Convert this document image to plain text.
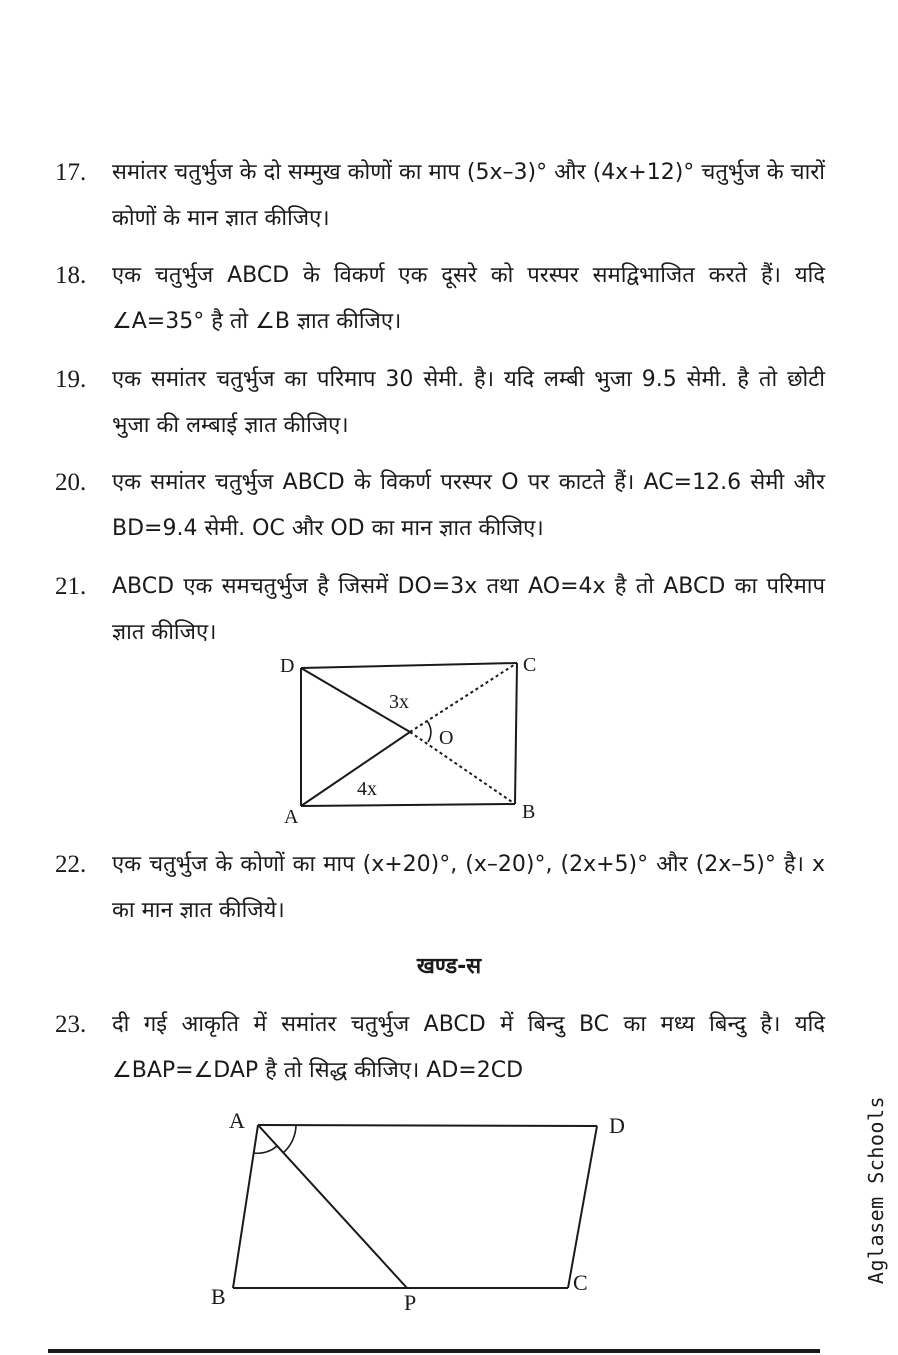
17.	समांतर चतुर्भुज के दो सम्मुख कोणों का माप (5x–3)° और (4x+12)° चतुर्भुज के चारों कोणों के मान ज्ञात कीजिए।
18.	एक चतुर्भुज ABCD के विकर्ण एक दूसरे को परस्पर समद्विभाजित करते हैं। यदि ∠A=35° है तो ∠B ज्ञात कीजिए।
19.	एक समांतर चतुर्भुज का परिमाप 30 सेमी. है। यदि लम्बी भुजा 9.5 सेमी. है तो छोटी भुजा की लम्बाई ज्ञात कीजिए।
20.	एक समांतर चतुर्भुज ABCD के विकर्ण परस्पर O पर काटते हैं। AC=12.6 सेमी और BD=9.4 सेमी. OC और OD का मान ज्ञात कीजिए।
21.	ABCD एक समचतुर्भुज है जिसमें DO=3x तथा AO=4x है तो ABCD का परिमाप ज्ञात कीजिए।
D	C
A	B
O
3x
4x
22.	एक चतुर्भुज के कोणों का माप (x+20)°, (x–20)°, (2x+5)° और (2x–5)° है। x का मान ज्ञात कीजिये।
खण्ड-स
23.	दी गई आकृति में समांतर चतुर्भुज ABCD में बिन्दु BC का मध्य बिन्दु है। यदि ∠BAP=∠DAP है तो सिद्ध कीजिए। AD=2CD
A	D
B
C
P
Aglasem Schools
